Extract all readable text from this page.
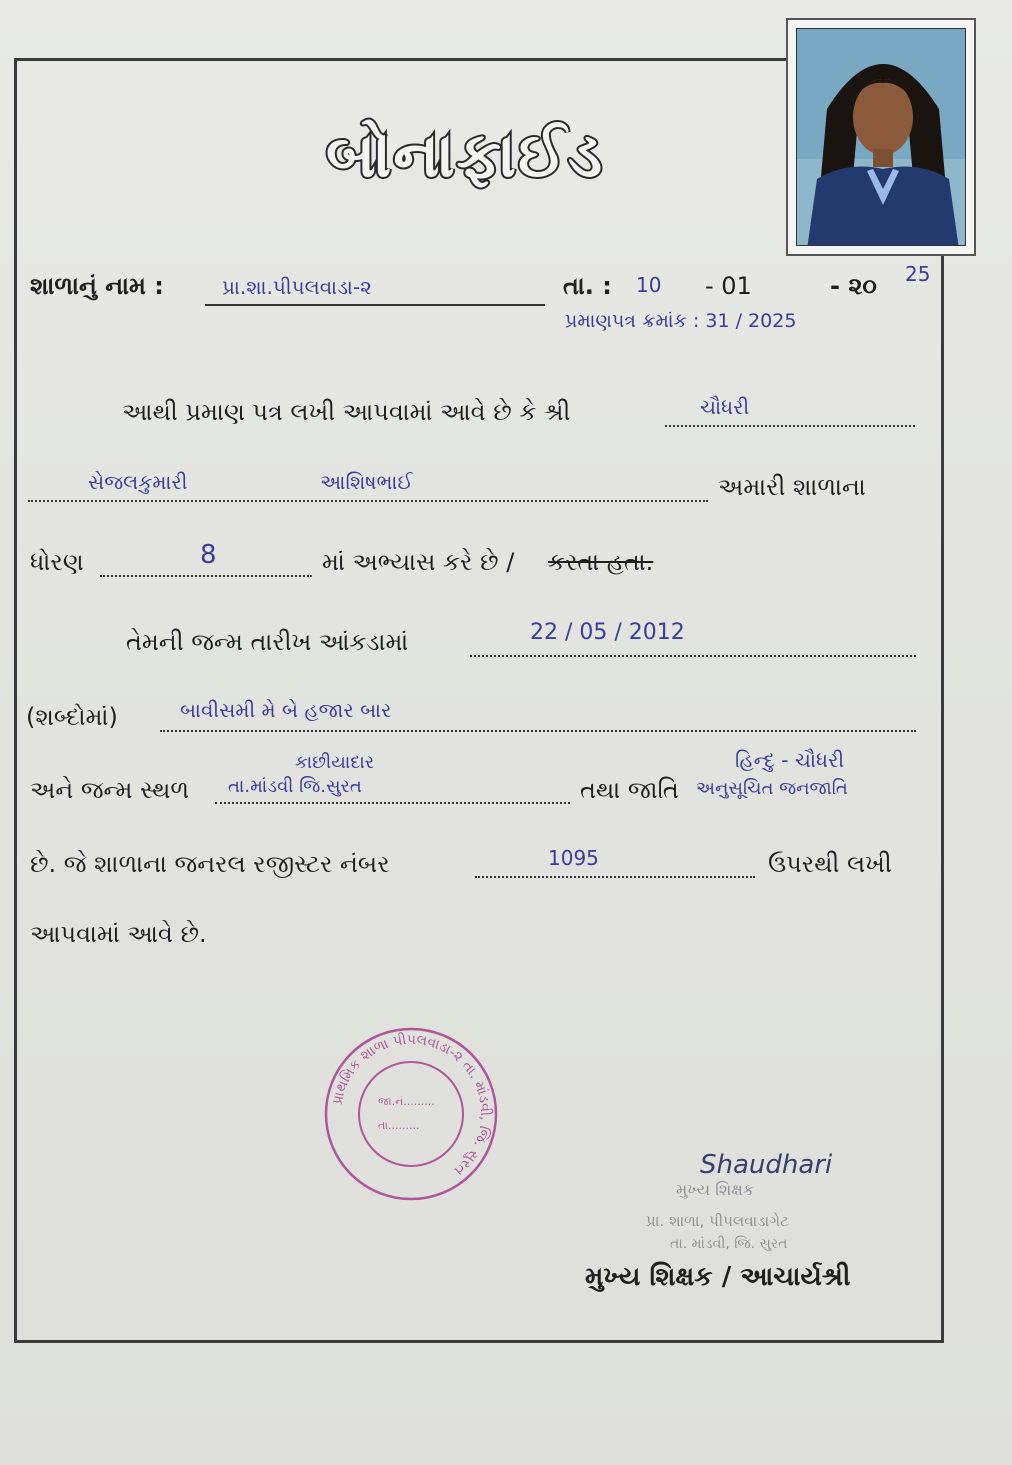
બોનાફાઈડ
શાળાનું નામ :	પ્રા.શા.પીપલવાડા-૨	તા. : 10 - 01	- ૨૦ 25
પ્રમાણપત્ર ક્રમાંક : 31 / 2025
આથી પ્રમાણ પત્ર લખી આપવામાં આવે છે કે શ્રી	ચૌધરી
સેજલકુમારી	આશિષભાઈ	અમારી શાળાના
ધોરણ	8	માં અભ્યાસ કરે છે / કરતા હતા.
તેમની જન્મ તારીખ આંકડામાં	22 / 05 / 2012
(શબ્દોમાં)	બાવીસમી મે બે હજાર બાર
અને જન્મ સ્થળ
કાછીયાદાર
તા.માંડવી જિ.સુરત	તથા જાતિ
હિન્દુ - ચૌધરી
અનુસૂચિત જનજાતિ
છે. જે શાળાના જનરલ રજીસ્ટર નંબર	1095	ઉપરથી લખી
આપવામાં આવે છે.
પ્રાથમિક શાળા પીપલવાડા-૨ તા. માંડવી, જિ. સુરત
જા.નં.........
તા.........
Shaudhari
મુખ્ય શિક્ષક
પ્રા. શાળા, પીપલવાડાગેટ
તા. માંડવી, જિ. સુરત
મુખ્ય શિક્ષક / આચાર્યશ્રી
